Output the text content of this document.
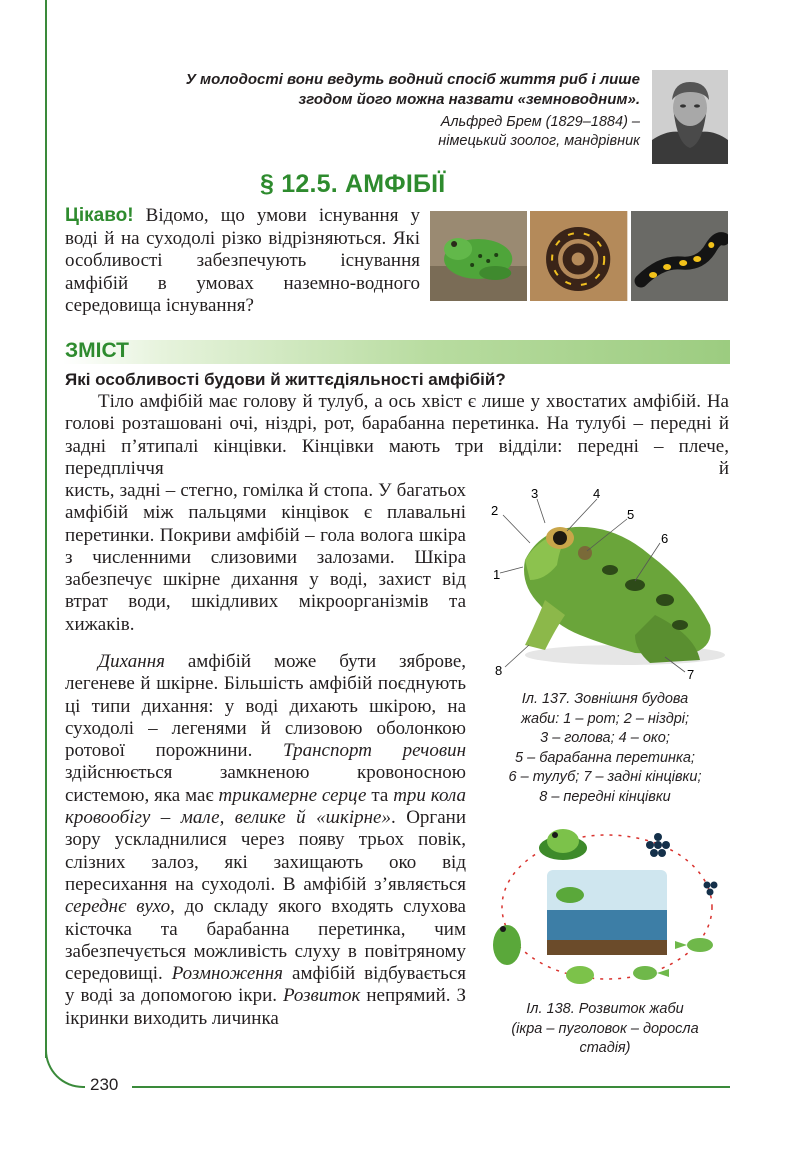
230
У молодості вони ведуть водний спосіб життя риб і лише
згодом його можна назвати «земноводним».
Альфред Брем (1829–1884) –
німецький зоолог, мандрівник
§ 12.5. АМФІБІЇ
Цікаво! Відомо, що умови існування у воді й на суходолі різко відрізняються. Які особливості забезпечують існування амфібій в умовах наземно-водного середовища існування?
ЗМІСТ
Які особливості будови й життєдіяльності амфібій?
Тіло амфібій має голову й тулуб, а ось хвіст є лише у хвостатих амфібій. На голові розташовані очі, ніздрі, рот, барабанна перетинка. На тулубі – передні й задні п’ятипалі кінцівки. Кінцівки мають три відділи: передні – плече, передпліччя й
кисть, задні – стегно, гомілка й стопа. У багатьох амфібій між пальцями кінцівок є плавальні перетинки. Покриви амфібій – гола волога шкіра з численними слизовими залозами. Шкіра забезпечує шкірне дихання у воді, захист від втрат води, шкідливих мікроорганізмів та хижаків.
Дихання амфібій може бути зяброве, легеневе й шкірне. Більшість амфібій поєднують ці типи дихання: у воді дихають шкірою, на суходолі – легенями й слизовою оболонкою ротової порожнини. Транспорт речовин здійснюється замкненою кровоносною системою, яка має трикамерне серце та три кола кровообігу – мале, велике й «шкірне». Органи зору ускладнилися через появу трьох повік, слізних залоз, які захищають око від пересихання на суходолі. В амфібій з’являється середнє вухо, до складу якого входять слухова кісточка та барабанна перетинка, чим забезпечується можливість слуху в повітряному середовищі. Розмноження амфібій відбувається у воді за допомогою ікри. Розвиток непрямий. З ікринки виходить личинка
1
2
3	4
5
6
7
8
Іл. 137. Зовнішня будова
жаби: 1 – рот; 2 – ніздрі;
3 – голова; 4 – око;
5 – барабанна перетинка;
6 – тулуб; 7 – задні кінцівки;
8 – передні кінцівки
Іл. 138. Розвиток жаби
(ікра – пуголовок – доросла
стадія)
